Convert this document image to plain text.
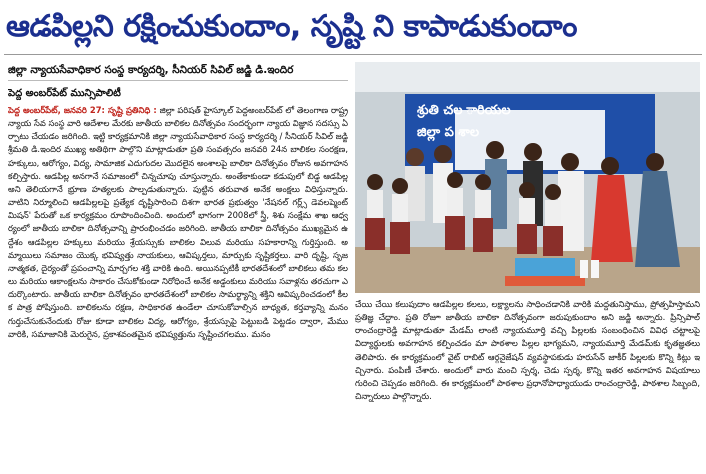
ఆడపిల్లని రక్షించుకుందాం, సృష్టి ని కాపాడుకుందాం
జిల్లా న్యాయసేవాధికార సంస్థ కార్యదర్శి, సీనియర్ సివిల్ జడ్జి డి.ఇందిర
పెద్ద అంబర్‌పేట్ మున్సిపాలిటీ

పెద్ద అంబర్‌పేట్, జనవరి 27: సృష్టి ప్రతినిధి : జిల్లా పరిషత్ హైస్కూల్ పెద్దఅంబర్‌పేట్ లో తెలంగాణ రాష్ట్ర న్యాయ సేవ సంస్థ వారి ఆదేశాల మేరకు జాతీయ బాలికల దినోత్సవం సందర్భంగా న్యాయ విజ్ఞాన సదస్సు ఏర్పాటు చేయడం జరిగింది. ఇట్టి కార్యక్రమానికి జిల్లా న్యాయసేవాధికార సంస్థ కార్యదర్శి / సీనియర్ సివిల్ జడ్జి శ్రీమతి డి.ఇందిర ముఖ్య అతిథిగా పాల్గొని మాట్లాడుతూ ప్రతి సంవత్సరం జనవరి 24న బాలికల సంరక్షణ, హక్కులు, ఆరోగ్యం, విద్య, సామాజిక ఎదుగుదల మొదలైన అంశాలపై బాలికా దినోత్సవం రోజున అవగాహన కల్పిస్తారు. ఆడపిల్ల అనగానే సమాజంలో చిన్నచూపు చూస్తున్నారు. అంతేకాకుండా కడుపులో బిడ్డ ఆడపిల్ల అని తెలియగానే భ్రూణ హత్యలకు పాల్పడుతున్నారు. పుట్టిన తరువాత అనేక అంక్షలు విధిస్తున్నారు. వాటిని నిర్మూలించి ఆడపిల్లలపై ప్రత్యేక దృష్టిసారించి దిశగా భారత ప్రభుత్వం 'నేషనల్ గర్ల్స్ డెవలప్మెంట్ మిషన్' పేరుతో ఒక కార్యక్రమం రూపొందించింది. అందులో భాగంగా 2008లో స్త్రీ, శిశు సంక్షేమ శాఖ ఆధ్వర్యంలో జాతీయ బాలికా దినోత్సవాన్ని ప్రారంభించడం జరిగింది. జాతీయ బాలికా దినోత్సవం ముఖ్యమైన ఉద్దేశం ఆడపిల్లల హక్కులు మరియు శ్రేయస్సుకు బాలికల విలువ మరియు సహకారాన్ని గుర్తిస్తుంది. అమ్మాయిలు సమాజం యొక్క భవిష్యత్తు నాయకులు, ఆవిష్కర్తలు, మార్పుకు సృష్టికర్తలు. వారి దృష్టి, సృజనాత్మకత, దైర్యంతో ప్రపంచాన్ని మార్చగల శక్తి వారికి ఉంది. అయినప్పటికీ భారతదేశంలో బాలికలు తమ కలలు మరియు ఆకాంక్షలను సాకారం చేసుకోకుండా నిరోధించే అనేక అడ్డంకులు మరియు సవాళ్లను తరచుగా ఎదుర్కొంటారు. జాతీయ బాలికా దినోత్సవం భారతదేశంలో బాలికల సామర్థ్యాన్ని శక్తిని ఆవిష్కరించడంలో కీలక పాత్ర పోషిస్తుంది. బాలికలను రక్షణ, సాధికారత ఉండేలా చూసుకోవాల్సిన బాధ్యత, కర్తవ్యాన్ని మనం గుర్తుచేసుకునేందుకు రోజు కూడా బాలికల విద్య, ఆరోగ్యం, శ్రేయస్సుపై పెట్టుబడి పెట్టడం ద్వారా, మేము వారికి, సమాజానికి మెరుగైన, ప్రకాశవంతమైన భవిష్యత్తును సృష్టించగలము. మనం

శ్రుతి చల ారియల
జిల్లా ప శాల

చేయి చేయి కలుపుదాం ఆడపిల్లల కలలు, లక్ష్యాలను సాధించడానికి వారికి మద్దతునిస్తాము, ప్రోత్సహిస్తామని ప్రతిజ్ఞ చేద్దాం. ప్రతి రోజూ జాతీయ బాలికా దినోత్సవంగా జరుపుకుందాం అని జడ్జి అన్నారు. ప్రిన్సిపాల్ రాంచంద్రారెడ్డి మాట్లాడుతూ మేడమ్ లాంటి న్యాయమూర్తి వచ్చి పిల్లలకు సంబంధించిన వివిధ చట్టాలపై విద్యార్థులకు అవగాహన కల్పించడం మా పాఠశాల పిల్లల భాగ్యమని, న్యాయమూర్తి మేడమ్‌కు కృతజ్ఞతలు తెలిపారు. ఈ కార్యక్రమంలో వైట్ రాబిట్ ఆర్గనైజేషన్ వ్యవస్థాపకుడు హరుసేన్ జాకీర్ పిల్లలకు కొన్ని కిట్లు ఇచ్చినారు. పంపిణీ చేశారు. అందులో వారు మంచి స్పర్శ, చెడు స్పర్శ, కొన్ని ఇతర అవగాహన విషయాలు గురించి చెప్పడం జరిగింది. ఈ కార్యక్రమంలో పాఠశాల ప్రధానోపాధ్యాయుడు రాంచంద్రారెడ్డి, పాఠశాల సిబ్బంది, చిన్నారులు పాల్గొన్నారు.
